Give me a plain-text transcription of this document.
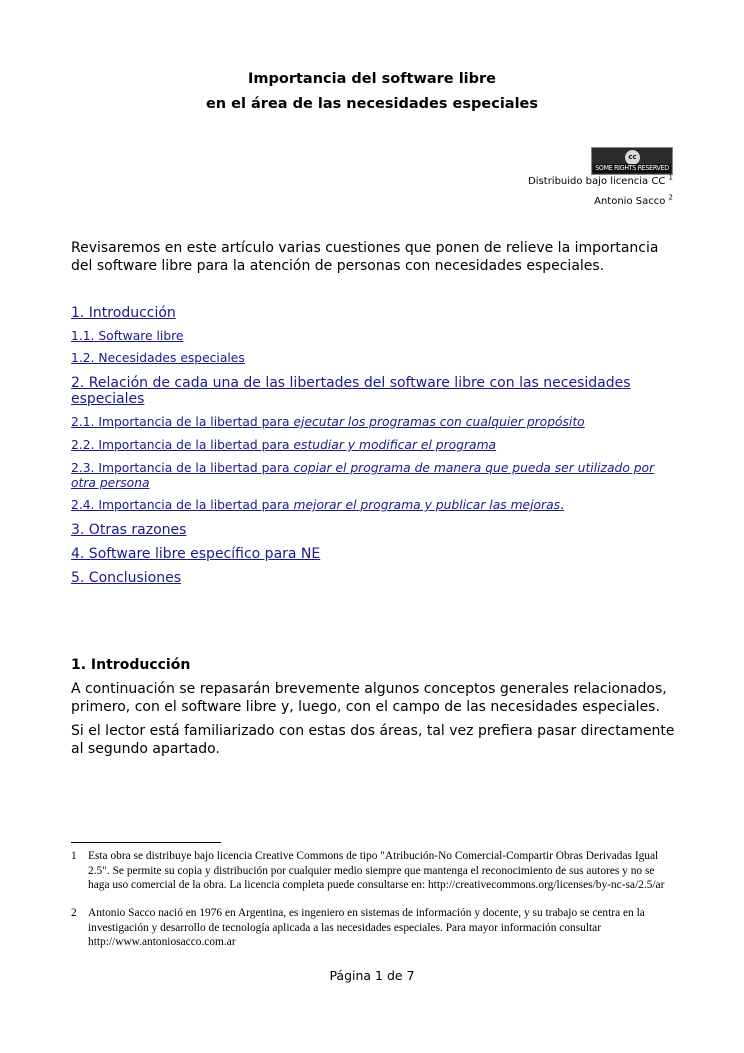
Importancia del software libre
en el área de las necesidades especiales
cc
SOME RIGHTS RESERVED
Distribuido bajo licencia CC $^1$
Antonio Sacco $^2$
Revisaremos en este artículo varias cuestiones que ponen de relieve la importancia del software libre para la atención de personas con necesidades especiales.
1. Introducción
1.1. Software libre
1.2. Necesidades especiales
2. Relación de cada una de las libertades del software libre con las necesidades especiales
2.1. Importancia de la libertad para ejecutar los programas con cualquier propósito
2.2. Importancia de la libertad para estudiar y modificar el programa
2.3. Importancia de la libertad para copiar el programa de manera que pueda ser utilizado por otra persona
2.4. Importancia de la libertad para mejorar el programa y publicar las mejoras.
3. Otras razones
4. Software libre específico para NE
5. Conclusiones
1. Introducción
A continuación se repasarán brevemente algunos conceptos generales relacionados, primero, con el software libre y, luego, con el campo de las necesidades especiales.
Si el lector está familiarizado con estas dos áreas, tal vez prefiera pasar directamente al segundo apartado.
1 Esta obra se distribuye bajo licencia Creative Commons de tipo "Atribución-No Comercial-Compartir Obras Derivadas Igual 2.5". Se permite su copia y distribución por cualquier medio siempre que mantenga el reconocimiento de sus autores y no se haga uso comercial de la obra. La licencia completa puede consultarse en: http://creativecommons.org/licenses/by-nc-sa/2.5/ar
2 Antonio Sacco nació en 1976 en Argentina, es ingeniero en sistemas de información y docente, y su trabajo se centra en la investigación y desarrollo de tecnología aplicada a las necesidades especiales. Para mayor información consultar http://www.antoniosacco.com.ar
Página 1 de 7
